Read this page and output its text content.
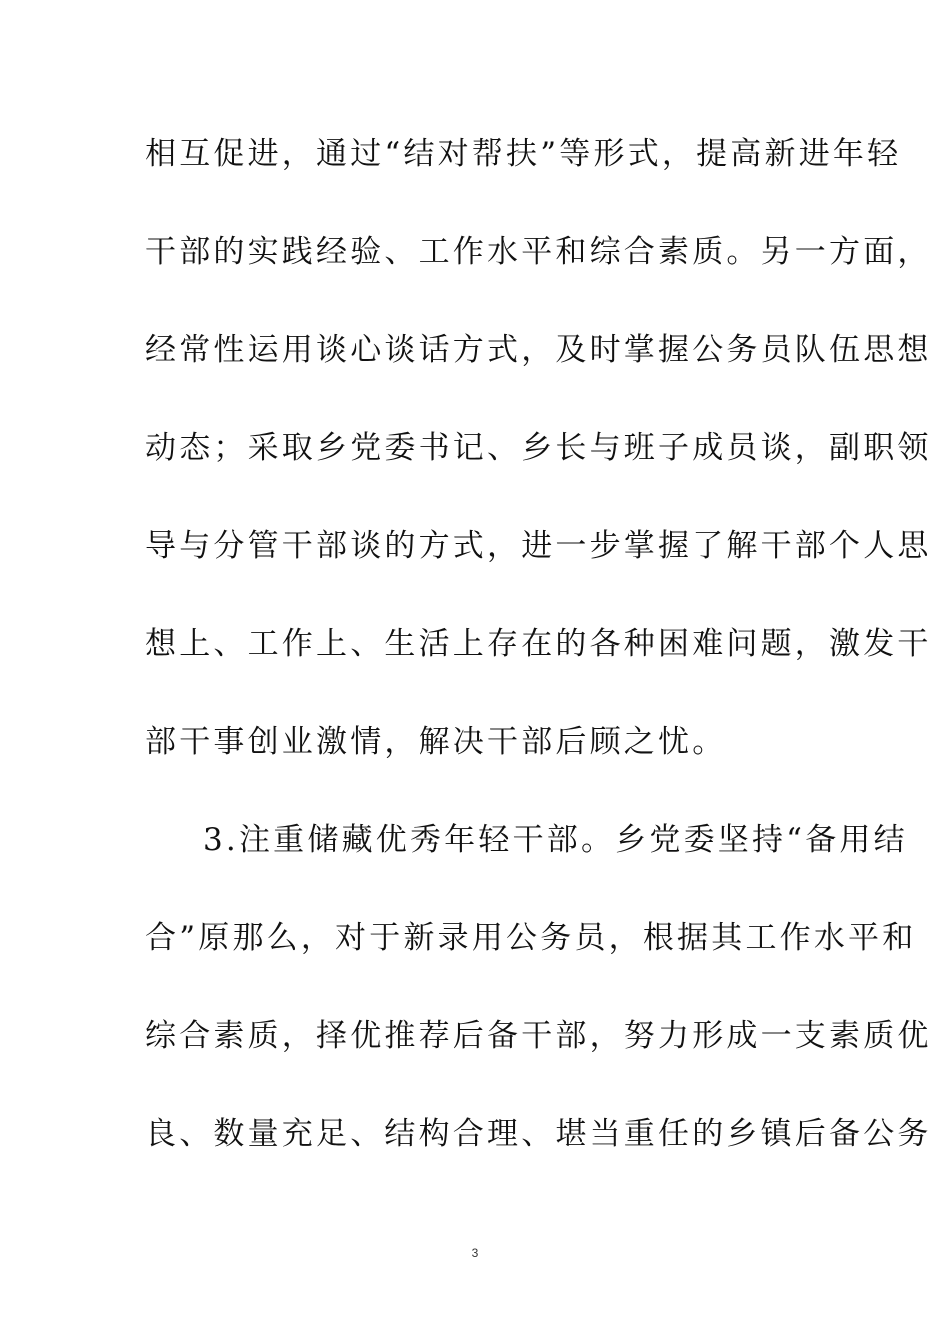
相互促进，通过“结对帮扶”等形式，提高新进年轻
干部的实践经验、工作水平和综合素质。另一方面，
经常性运用谈心谈话方式，及时掌握公务员队伍思想
动态；采取乡党委书记、乡长与班子成员谈，副职领
导与分管干部谈的方式，进一步掌握了解干部个人思
想上、工作上、生活上存在的各种困难问题，激发干
部干事创业激情，解决干部后顾之忧。
3.注重储藏优秀年轻干部。乡党委坚持“备用结
合”原那么，对于新录用公务员，根据其工作水平和
综合素质，择优推荐后备干部，努力形成一支素质优
良、数量充足、结构合理、堪当重任的乡镇后备公务
3
